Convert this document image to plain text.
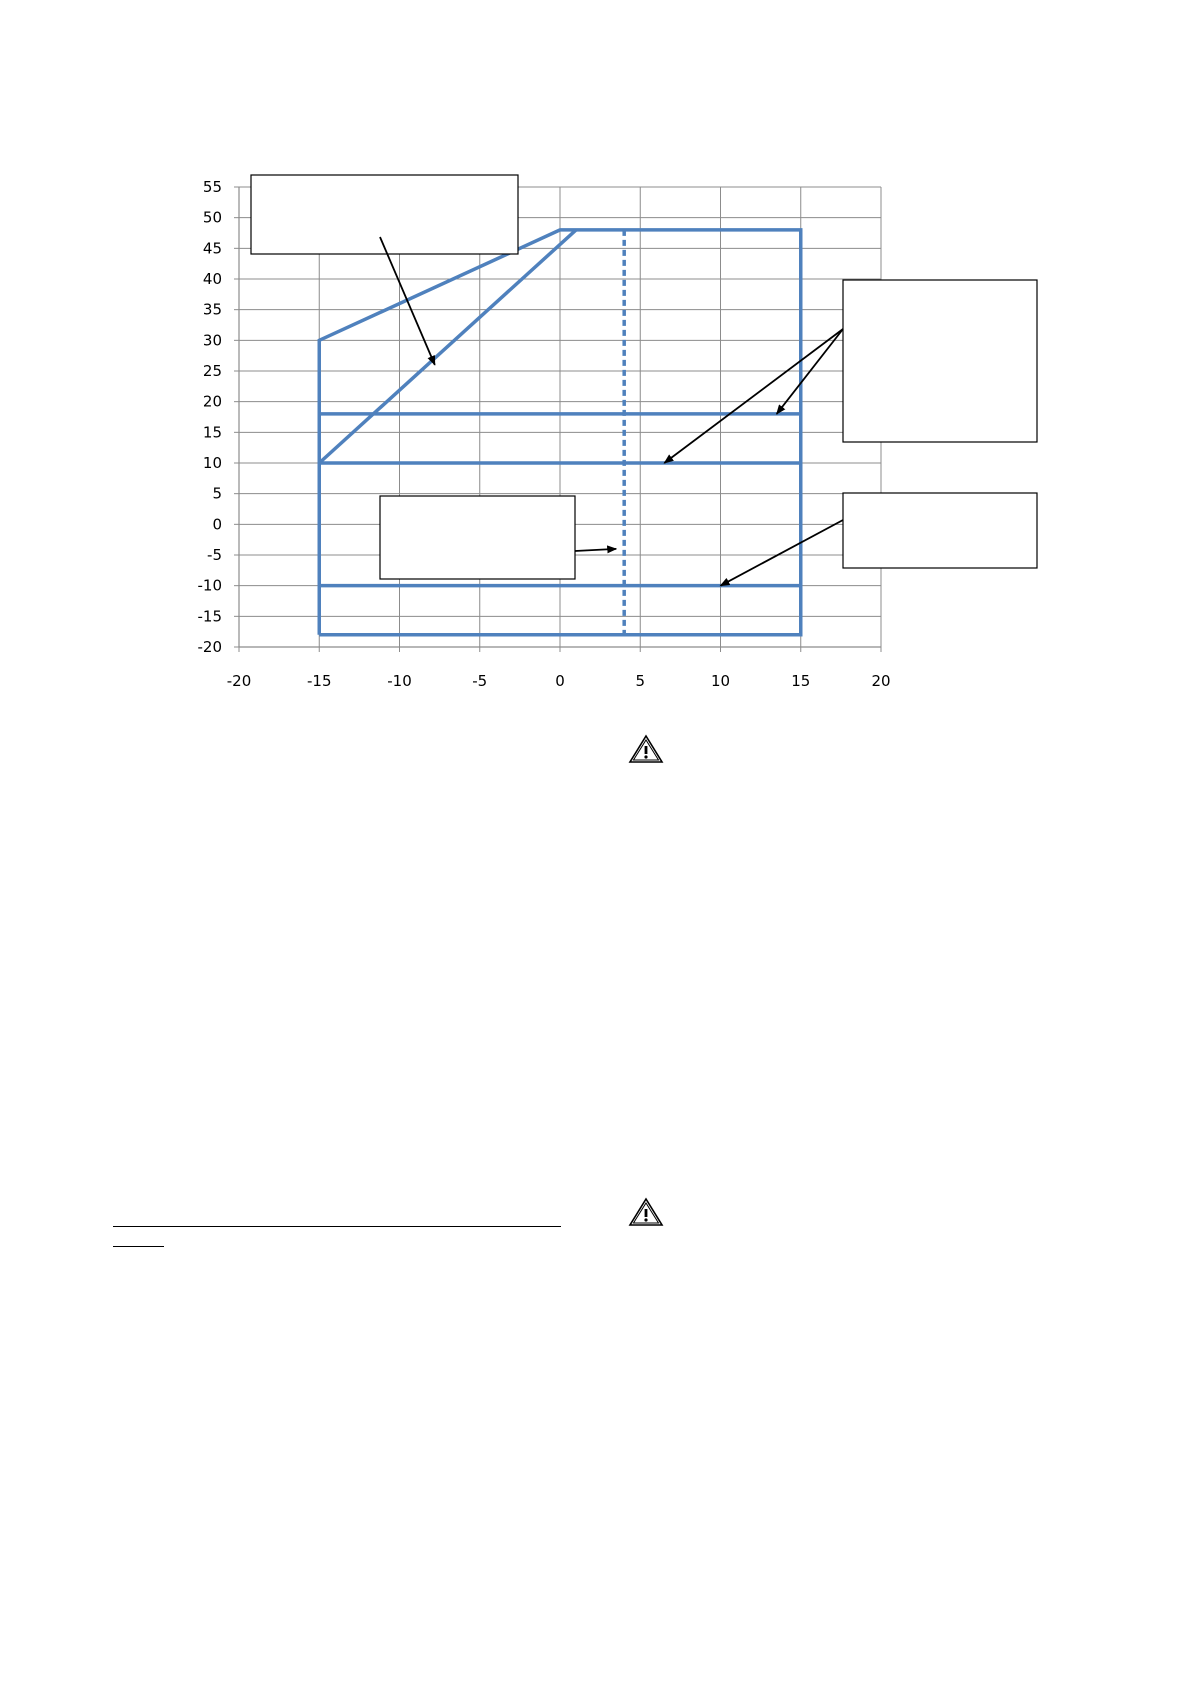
55
50
45
40
35
30
25
20
15
10
5
0
-5
-10
-15
-20
-20	-15	-10	-5	0	5	10	15	20
